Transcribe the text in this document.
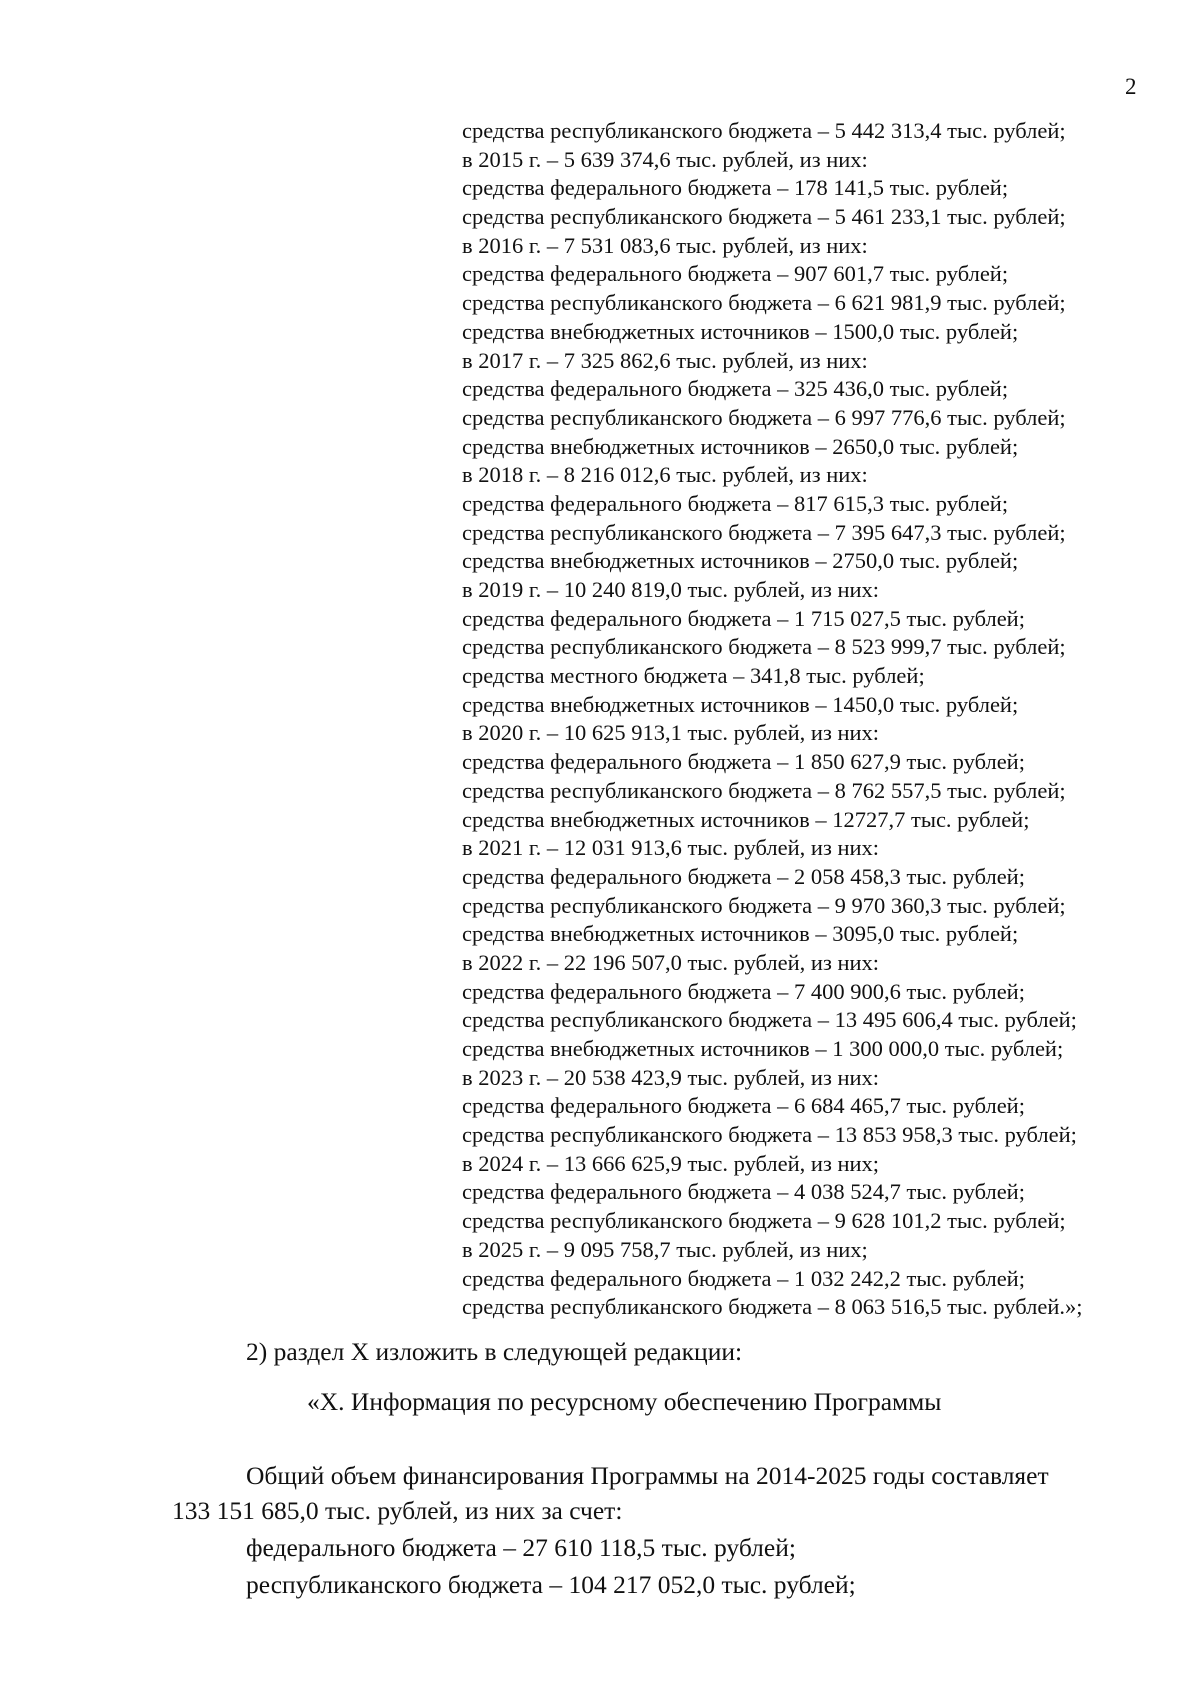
2
средства республиканского бюджета – 5 442 313,4 тыс. рублей;
в 2015 г. – 5 639 374,6 тыс. рублей, из них:
средства федерального бюджета – 178 141,5 тыс. рублей;
средства республиканского бюджета – 5 461 233,1 тыс. рублей;
в 2016 г. – 7 531 083,6 тыс. рублей, из них:
средства федерального бюджета – 907 601,7 тыс. рублей;
средства республиканского бюджета – 6 621 981,9 тыс. рублей;
средства внебюджетных источников – 1500,0 тыс. рублей;
в 2017 г. – 7 325 862,6 тыс. рублей, из них:
средства федерального бюджета – 325 436,0 тыс. рублей;
средства республиканского бюджета – 6 997 776,6 тыс. рублей;
средства внебюджетных источников – 2650,0 тыс. рублей;
в 2018 г. – 8 216 012,6 тыс. рублей, из них:
средства федерального бюджета – 817 615,3 тыс. рублей;
средства республиканского бюджета – 7 395 647,3 тыс. рублей;
средства внебюджетных источников – 2750,0 тыс. рублей;
в 2019 г. – 10 240 819,0 тыс. рублей, из них:
средства федерального бюджета – 1 715 027,5 тыс. рублей;
средства республиканского бюджета – 8 523 999,7 тыс. рублей;
средства местного бюджета – 341,8 тыс. рублей;
средства внебюджетных источников – 1450,0 тыс. рублей;
в 2020 г. – 10 625 913,1 тыс. рублей, из них:
средства федерального бюджета – 1 850 627,9 тыс. рублей;
средства республиканского бюджета – 8 762 557,5 тыс. рублей;
средства внебюджетных источников – 12727,7 тыс. рублей;
в 2021 г. – 12 031 913,6 тыс. рублей, из них:
средства федерального бюджета – 2 058 458,3 тыс. рублей;
средства республиканского бюджета – 9 970 360,3 тыс. рублей;
средства внебюджетных источников – 3095,0 тыс. рублей;
в 2022 г. – 22 196 507,0 тыс. рублей, из них:
средства федерального бюджета – 7 400 900,6 тыс. рублей;
средства республиканского бюджета – 13 495 606,4 тыс. рублей;
средства внебюджетных источников – 1 300 000,0 тыс. рублей;
в 2023 г. – 20 538 423,9 тыс. рублей, из них:
средства федерального бюджета – 6 684 465,7 тыс. рублей;
средства республиканского бюджета – 13 853 958,3 тыс. рублей;
в 2024 г. – 13 666 625,9 тыс. рублей, из них;
средства федерального бюджета – 4 038 524,7 тыс. рублей;
средства республиканского бюджета – 9 628 101,2 тыс. рублей;
в 2025 г. – 9 095 758,7 тыс. рублей, из них;
средства федерального бюджета – 1 032 242,2 тыс. рублей;
средства республиканского бюджета – 8 063 516,5 тыс. рублей.»;
2) раздел X изложить в следующей редакции:
«X. Информация по ресурсному обеспечению Программы
Общий объем финансирования Программы на 2014-2025 годы составляет
133 151 685,0 тыс. рублей, из них за счет:
федерального бюджета – 27 610 118,5 тыс. рублей;
республиканского бюджета – 104 217 052,0 тыс. рублей;
